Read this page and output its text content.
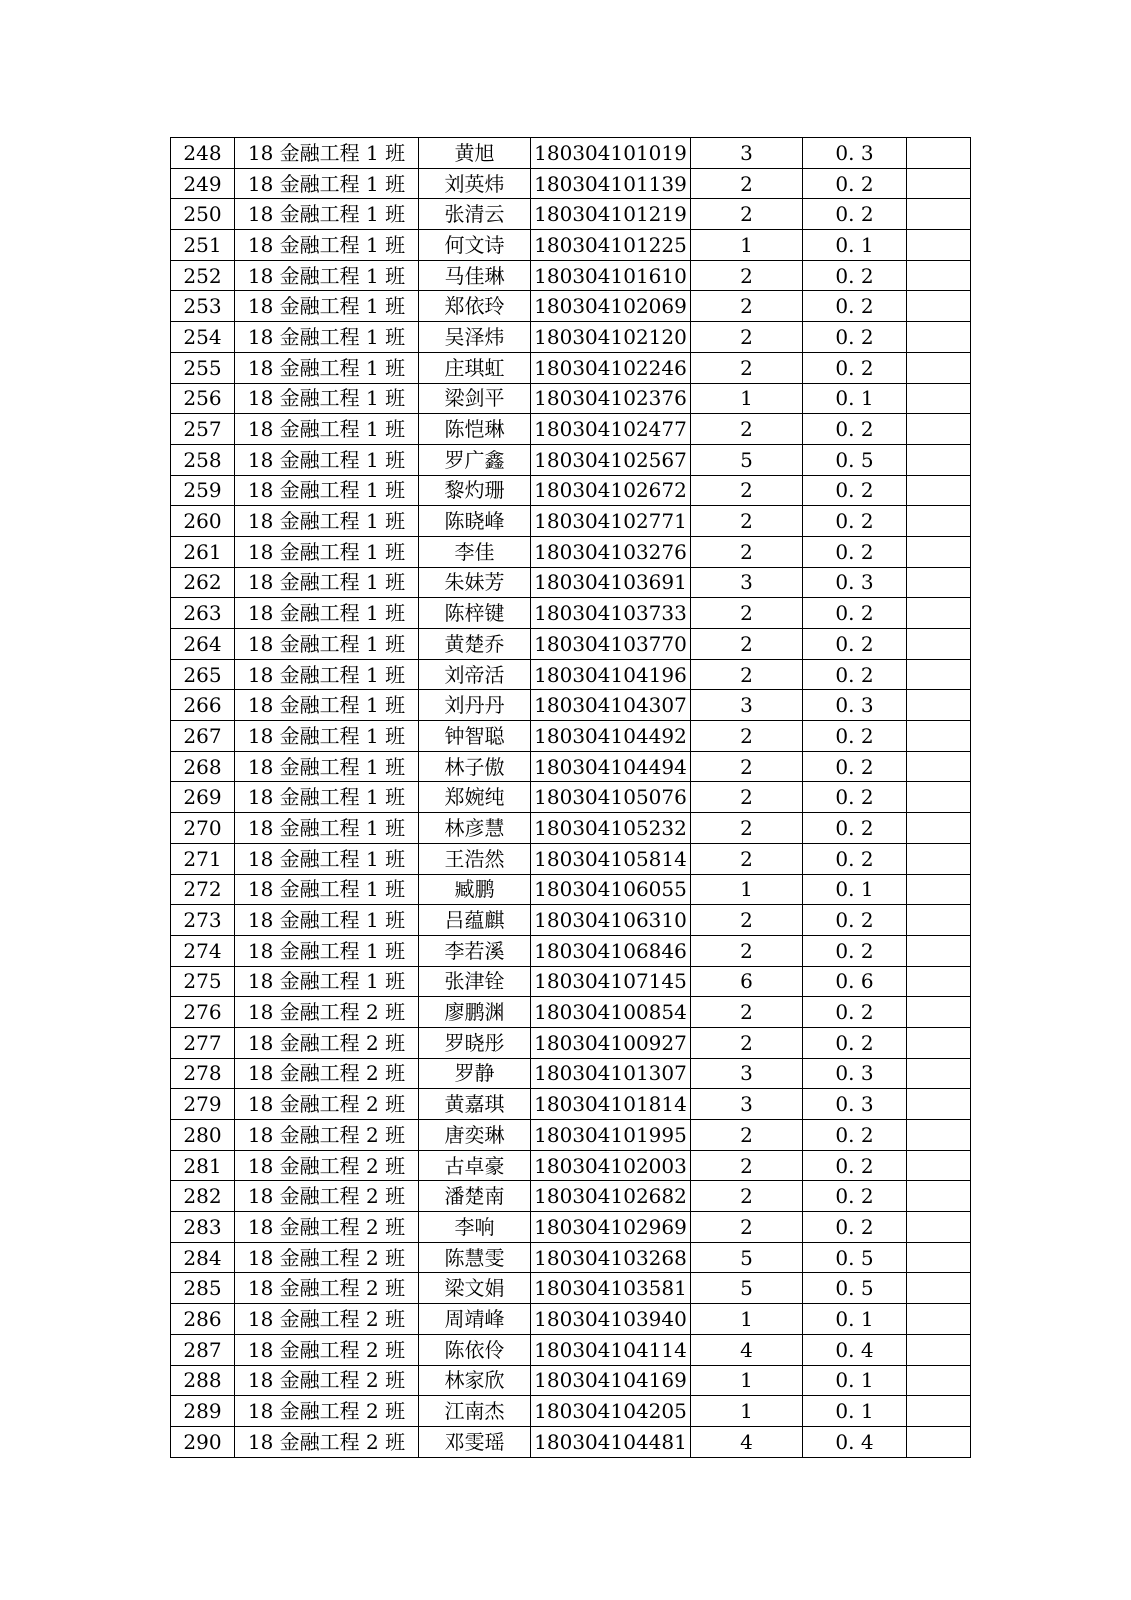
248	18 金融工程 1 班	黄旭	180304101019	3	0. 3	
249	18 金融工程 1 班	刘英炜	180304101139	2	0. 2	
250	18 金融工程 1 班	张清云	180304101219	2	0. 2	
251	18 金融工程 1 班	何文诗	180304101225	1	0. 1	
252	18 金融工程 1 班	马佳琳	180304101610	2	0. 2	
253	18 金融工程 1 班	郑依玲	180304102069	2	0. 2	
254	18 金融工程 1 班	吴泽炜	180304102120	2	0. 2	
255	18 金融工程 1 班	庄琪虹	180304102246	2	0. 2	
256	18 金融工程 1 班	梁剑平	180304102376	1	0. 1	
257	18 金融工程 1 班	陈恺琳	180304102477	2	0. 2	
258	18 金融工程 1 班	罗广鑫	180304102567	5	0. 5	
259	18 金融工程 1 班	黎灼珊	180304102672	2	0. 2	
260	18 金融工程 1 班	陈晓峰	180304102771	2	0. 2	
261	18 金融工程 1 班	李佳	180304103276	2	0. 2	
262	18 金融工程 1 班	朱妹芳	180304103691	3	0. 3	
263	18 金融工程 1 班	陈梓键	180304103733	2	0. 2	
264	18 金融工程 1 班	黄楚乔	180304103770	2	0. 2	
265	18 金融工程 1 班	刘帝活	180304104196	2	0. 2	
266	18 金融工程 1 班	刘丹丹	180304104307	3	0. 3	
267	18 金融工程 1 班	钟智聪	180304104492	2	0. 2	
268	18 金融工程 1 班	林子傲	180304104494	2	0. 2	
269	18 金融工程 1 班	郑婉纯	180304105076	2	0. 2	
270	18 金融工程 1 班	林彦慧	180304105232	2	0. 2	
271	18 金融工程 1 班	王浩然	180304105814	2	0. 2	
272	18 金融工程 1 班	臧鹏	180304106055	1	0. 1	
273	18 金融工程 1 班	吕蕴麒	180304106310	2	0. 2	
274	18 金融工程 1 班	李若溪	180304106846	2	0. 2	
275	18 金融工程 1 班	张津铨	180304107145	6	0. 6	
276	18 金融工程 2 班	廖鹏渊	180304100854	2	0. 2	
277	18 金融工程 2 班	罗晓彤	180304100927	2	0. 2	
278	18 金融工程 2 班	罗静	180304101307	3	0. 3	
279	18 金融工程 2 班	黄嘉琪	180304101814	3	0. 3	
280	18 金融工程 2 班	唐奕琳	180304101995	2	0. 2	
281	18 金融工程 2 班	古卓豪	180304102003	2	0. 2	
282	18 金融工程 2 班	潘楚南	180304102682	2	0. 2	
283	18 金融工程 2 班	李响	180304102969	2	0. 2	
284	18 金融工程 2 班	陈慧雯	180304103268	5	0. 5	
285	18 金融工程 2 班	梁文娟	180304103581	5	0. 5	
286	18 金融工程 2 班	周靖峰	180304103940	1	0. 1	
287	18 金融工程 2 班	陈依伶	180304104114	4	0. 4	
288	18 金融工程 2 班	林家欣	180304104169	1	0. 1	
289	18 金融工程 2 班	江南杰	180304104205	1	0. 1	
290	18 金融工程 2 班	邓雯瑶	180304104481	4	0. 4	
